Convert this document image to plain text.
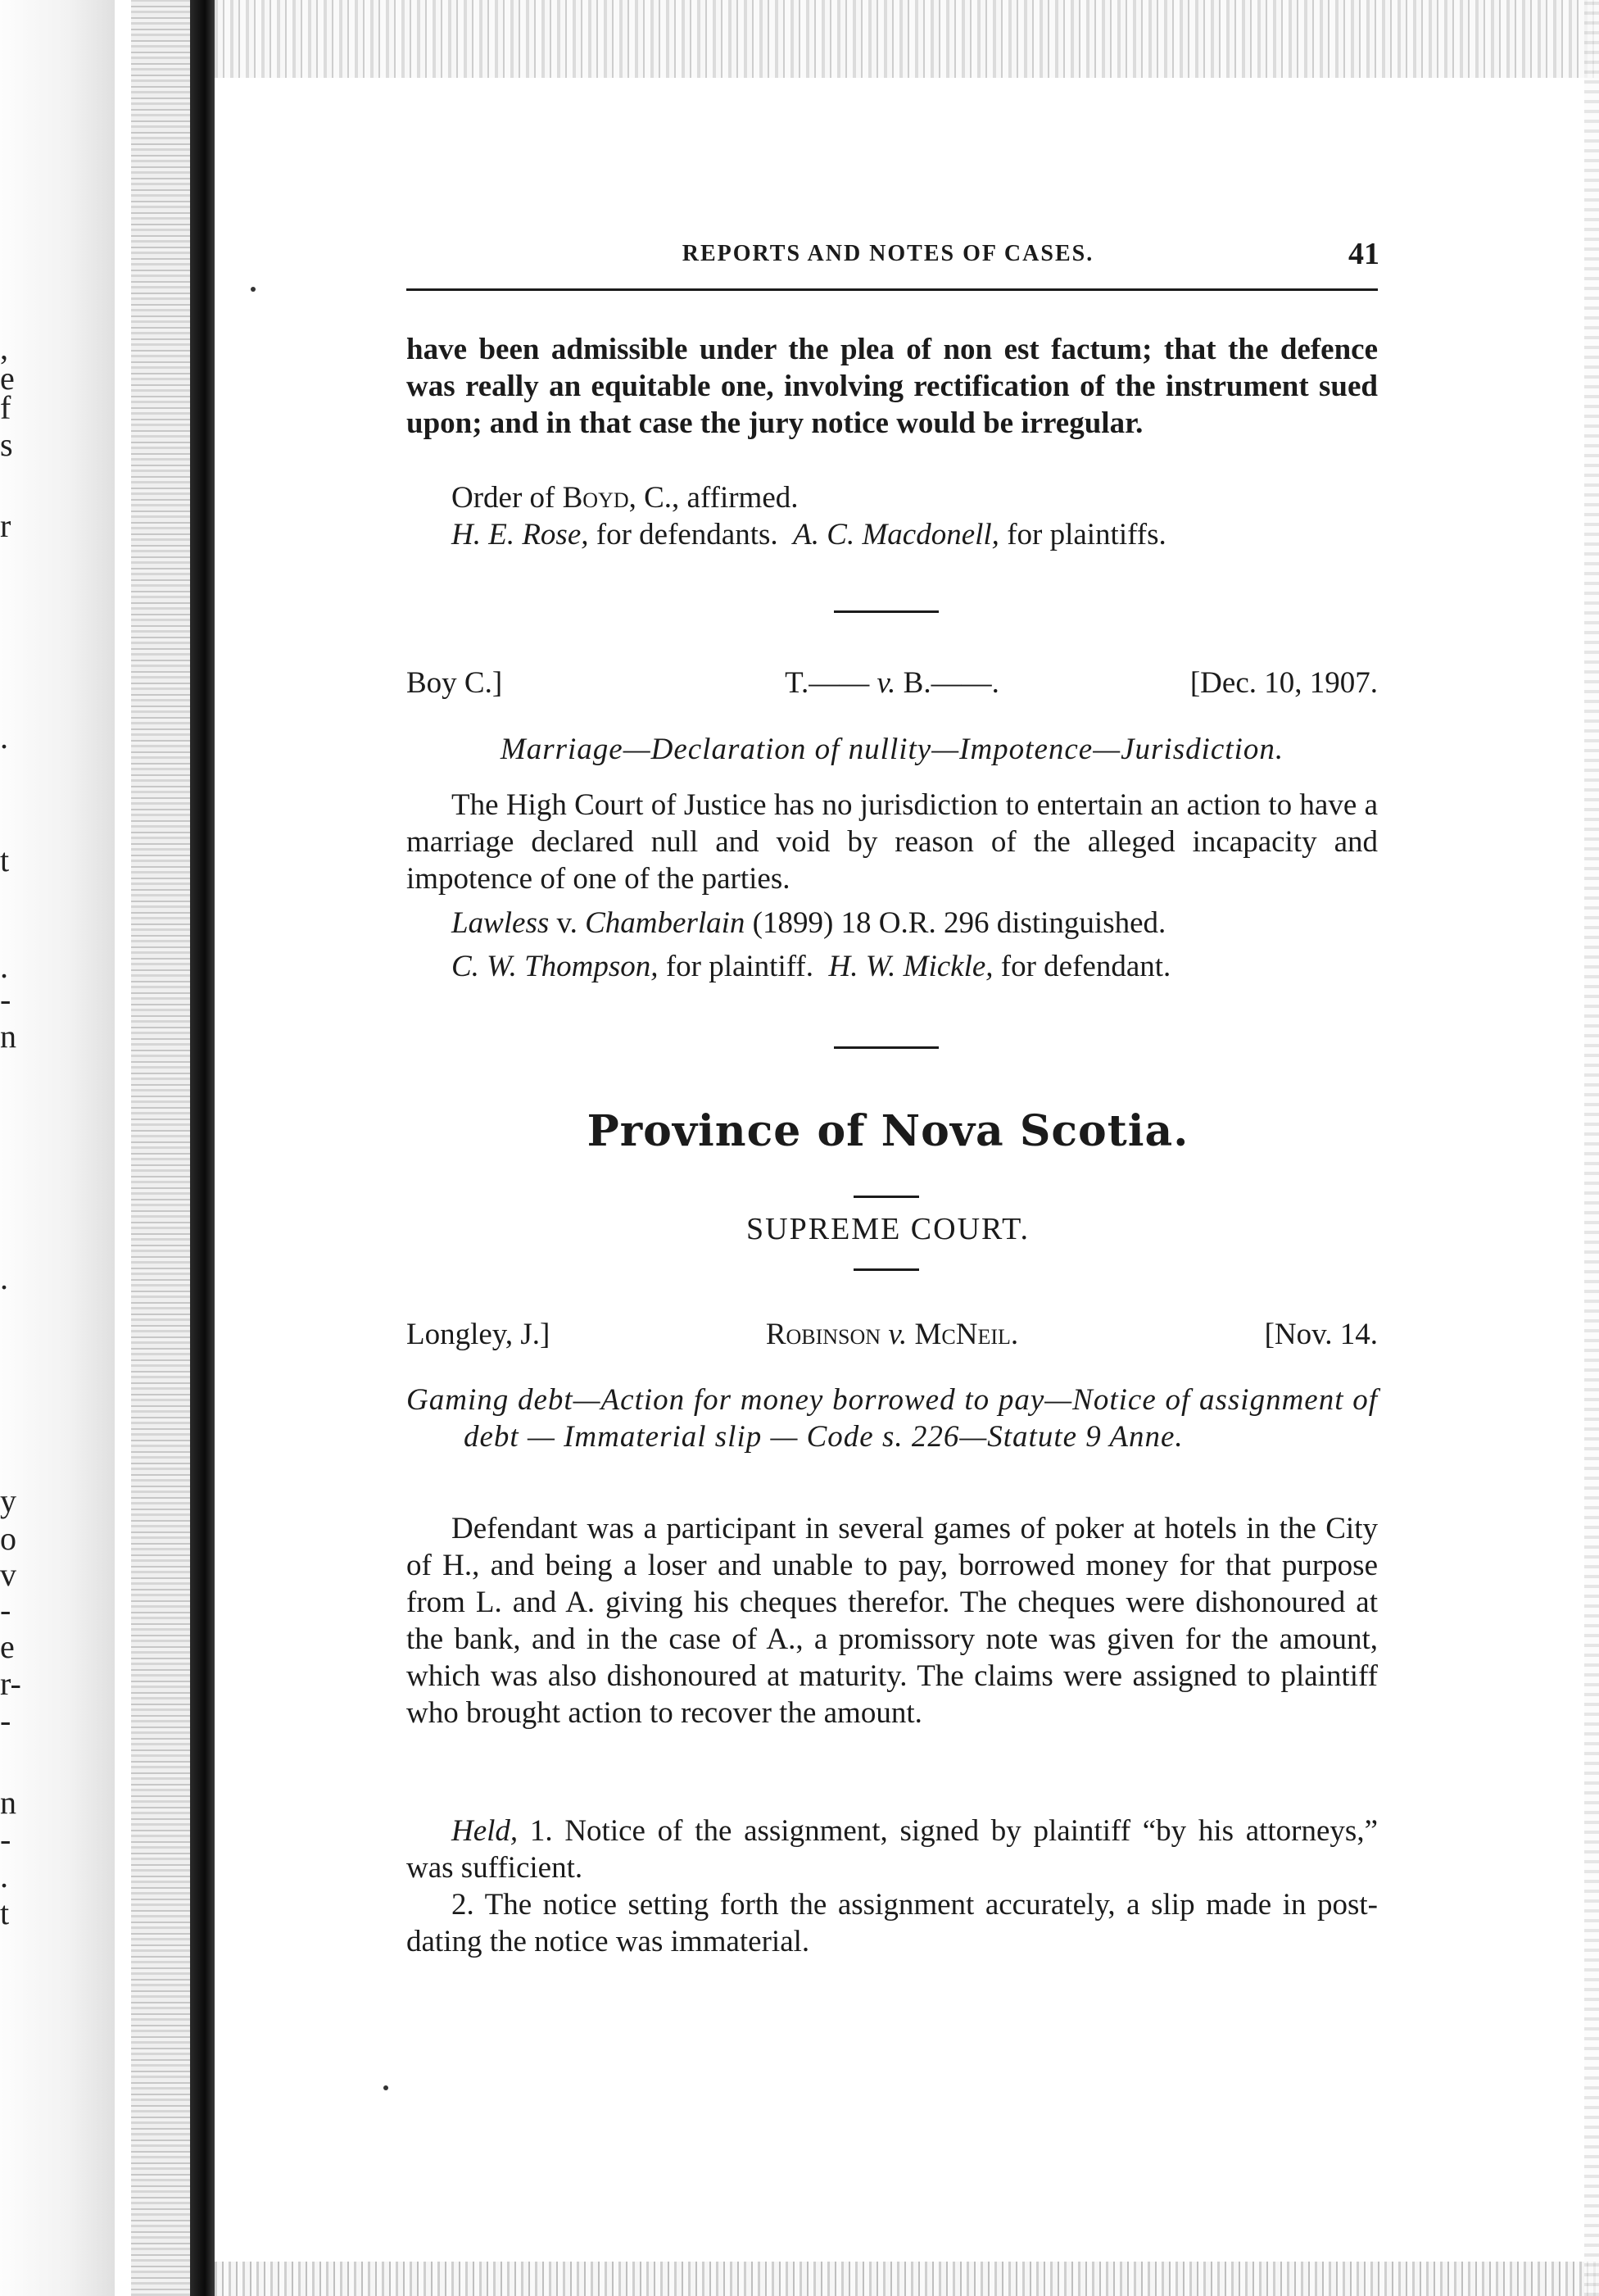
,
e
f
s
r
.
t
.
-
n
.
y
o
v
-
e
r-
-
n
-
.
t
REPORTS AND NOTES OF CASES.	41
have been admissible under the plea of non est factum; that the defence was really an equitable one, involving rectification of the instrument sued upon; and in that case the jury notice would be irregular.
Order of Boyd, C., affirmed.
H. E. Rose, for defendants. A. C. Macdonell, for plaintiffs.
Boy C.]	T.—— v. B.——.	[Dec. 10, 1907.
Marriage—Declaration of nullity—Impotence—Jurisdiction.
The High Court of Justice has no jurisdiction to entertain an action to have a marriage declared null and void by reason of the alleged incapacity and impotence of one of the parties.
Lawless v. Chamberlain (1899) 18 O.R. 296 distinguished.
C. W. Thompson, for plaintiff. H. W. Mickle, for defendant.
Province of Nova Scotia.
SUPREME COURT.
Longley, J.]	Robinson v. McNeil.	[Nov. 14.
Gaming debt—Action for money borrowed to pay—Notice of assignment of debt — Immaterial slip — Code s. 226—Statute 9 Anne.
Defendant was a participant in several games of poker at hotels in the City of H., and being a loser and unable to pay, borrowed money for that purpose from L. and A. giving his cheques therefor. The cheques were dishonoured at the bank, and in the case of A., a promissory note was given for the amount, which was also dishonoured at maturity. The claims were assigned to plaintiff who brought action to recover the amount.
Held, 1. Notice of the assignment, signed by plaintiff “by his attorneys,” was sufficient.
2. The notice setting forth the assignment accurately, a slip made in post-dating the notice was immaterial.
